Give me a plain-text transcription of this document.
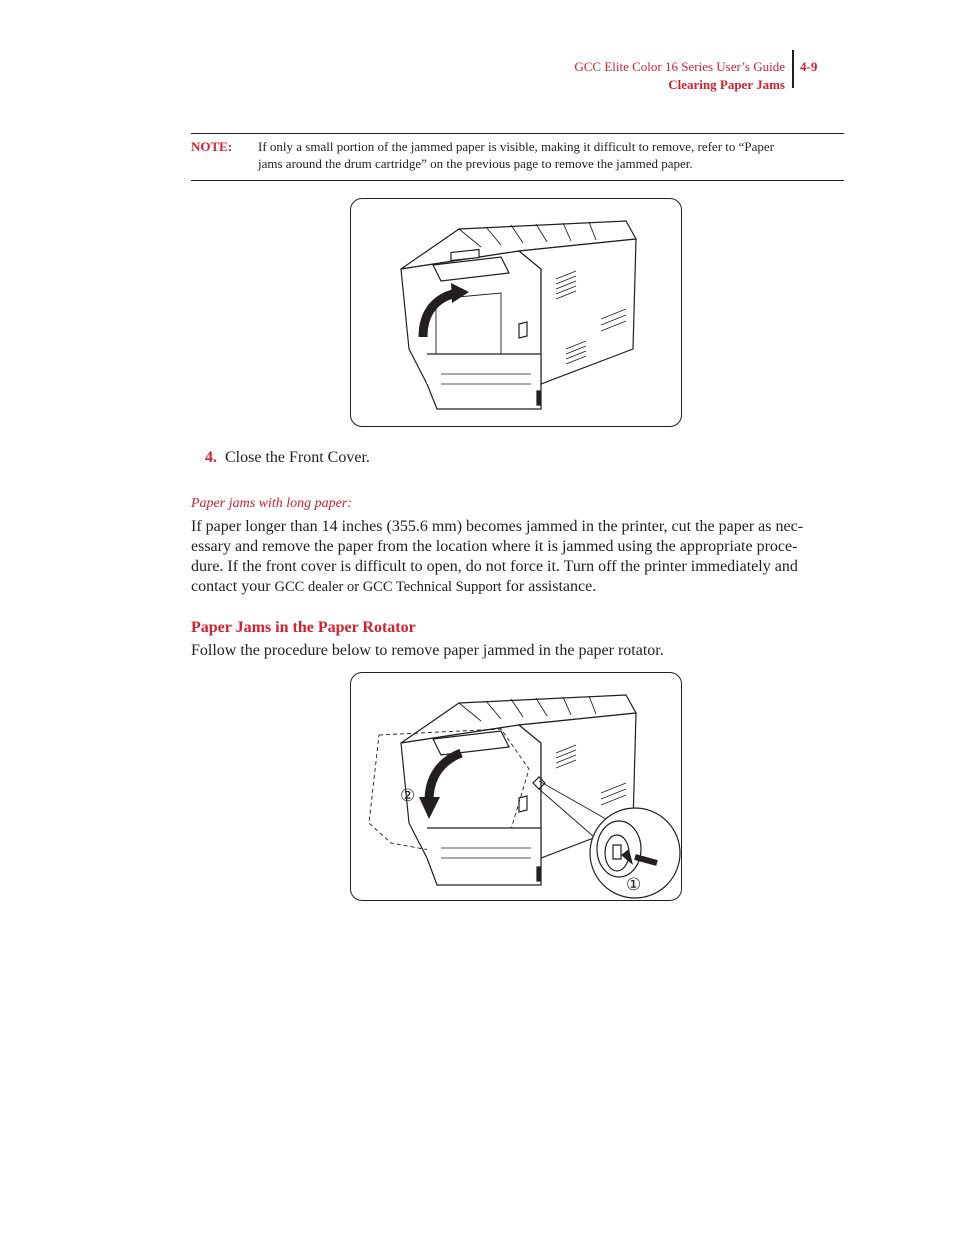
GCC Elite Color 16 Series User’s Guide
Clearing Paper Jams
4-9
NOTE: If only a small portion of the jammed paper is visible, making it difficult to remove, refer to “Paper
jams around the drum cartridge” on the previous page to remove the jammed paper.
4. Close the Front Cover.
Paper jams with long paper:
If paper longer than 14 inches (355.6 mm) becomes jammed in the printer, cut the paper as nec-
essary and remove the paper from the location where it is jammed using the appropriate proce-
dure. If the front cover is difficult to open, do not force it. Turn off the printer immediately and
contact your GCC dealer or GCC Technical Support for assistance.
Paper Jams in the Paper Rotator
Follow the procedure below to remove paper jammed in the paper rotator.
②
①
